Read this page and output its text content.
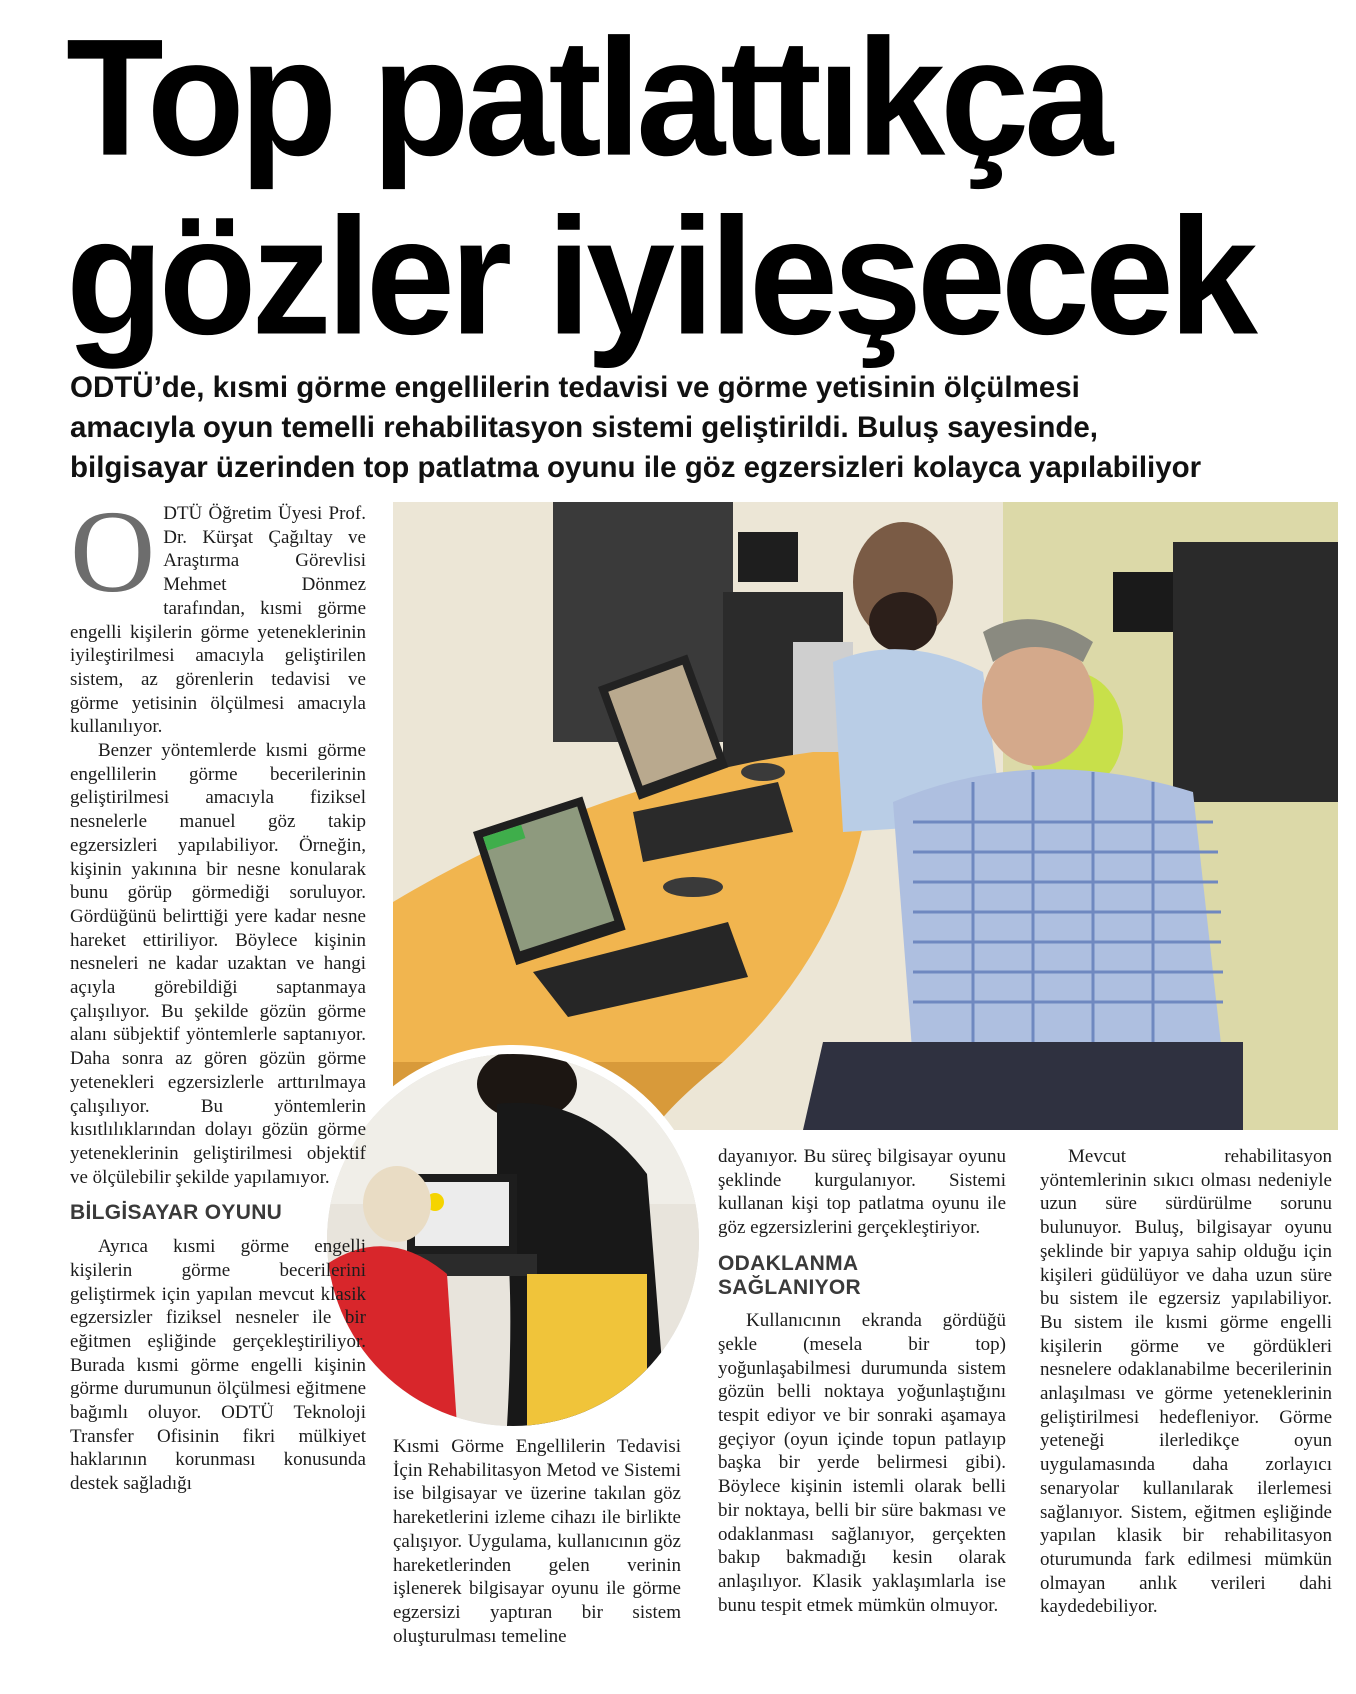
Top patlattıkça
gözler iyileşecek
ODTÜ’de, kısmi görme engellilerin tedavisi ve görme yetisinin ölçülmesi
amacıyla oyun temelli rehabilitasyon sistemi geliştirildi. Buluş sayesinde,
bilgisayar üzerinden top patlatma oyunu ile göz egzersizleri kolayca yapılabiliyor

ODTÜ Öğretim Üyesi Prof. Dr. Kürşat Çağıltay ve Araştırma Görevlisi Mehmet Dönmez tarafından, kısmi görme engelli kişilerin görme yeteneklerinin iyileştirilmesi amacıyla geliştirilen sistem, az görenlerin tedavisi ve görme yetisinin ölçülmesi amacıyla kullanılıyor.

Benzer yöntemlerde kısmi görme engellilerin görme becerilerinin geliştirilmesi amacıyla fiziksel nesnelerle manuel göz takip egzersizleri yapılabiliyor. Örneğin, kişinin yakınına bir nesne konularak bunu görüp görmediği soruluyor. Gördüğünü belirttiği yere kadar nesne hareket ettiriliyor. Böylece kişinin nesneleri ne kadar uzaktan ve hangi açıyla görebildiği saptanmaya çalışılıyor. Bu şekilde gözün görme alanı sübjektif yöntemlerle saptanıyor. Daha sonra az gören gözün görme yetenekleri egzersizlerle arttırılmaya çalışılıyor. Bu yöntemlerin kısıtlılıklarından dolayı gözün görme yeteneklerinin geliştirilmesi objektif ve ölçülebilir şekilde yapılamıyor.

BİLGİSAYAR OYUNU

Ayrıca kısmi görme engelli kişilerin görme becerilerini geliştirmek için yapılan mevcut klasik egzersizler fiziksel nesneler ile bir eğitmen eşliğinde gerçekleştiriliyor. Burada kısmi görme engelli kişinin görme durumunun ölçülmesi eğitmene bağımlı oluyor. ODTÜ Teknoloji Transfer Ofisinin fikri mülkiyet haklarının korunması konusunda destek sağladığı

Kısmi Görme Engellilerin Tedavisi İçin Rehabilitasyon Metod ve Sistemi ise bilgisayar ve üzerine takılan göz hareketlerini izleme cihazı ile birlikte çalışıyor. Uygulama, kullanıcının göz hareketlerinden gelen verinin işlenerek bilgisayar oyunu ile görme egzersizi yaptıran bir sistem oluşturulması temeline

dayanıyor. Bu süreç bilgisayar oyunu şeklinde kurgulanıyor. Sistemi kullanan kişi top patlatma oyunu ile göz egzersizlerini gerçekleştiriyor.

ODAKLANMA SAĞLANIYOR

Kullanıcının ekranda gördüğü şekle (mesela bir top) yoğunlaşabilmesi durumunda sistem gözün belli noktaya yoğunlaştığını tespit ediyor ve bir sonraki aşamaya geçiyor (oyun içinde topun patlayıp başka bir yerde belirmesi gibi). Böylece kişinin istemli olarak belli bir noktaya, belli bir süre bakması ve odaklanması sağlanıyor, gerçekten bakıp bakmadığı kesin olarak anlaşılıyor. Klasik yaklaşımlarla ise bunu tespit etmek mümkün olmuyor.

Mevcut rehabilitasyon yöntemlerinin sıkıcı olması nedeniyle uzun süre sürdürülme sorunu bulunuyor. Buluş, bilgisayar oyunu şeklinde bir yapıya sahip olduğu için kişileri güdülüyor ve daha uzun süre bu sistem ile egzersiz yapılabiliyor. Bu sistem ile kısmi görme engelli kişilerin görme ve gördükleri nesnelere odaklanabilme becerilerinin anlaşılması ve görme yeteneklerinin geliştirilmesi hedefleniyor. Görme yeteneği ilerledikçe oyun uygulamasında daha zorlayıcı senaryolar kullanılarak ilerlemesi sağlanıyor. Sistem, eğitmen eşliğinde yapılan klasik bir rehabilitasyon oturumunda fark edilmesi mümkün olmayan anlık verileri dahi kaydedebiliyor.
